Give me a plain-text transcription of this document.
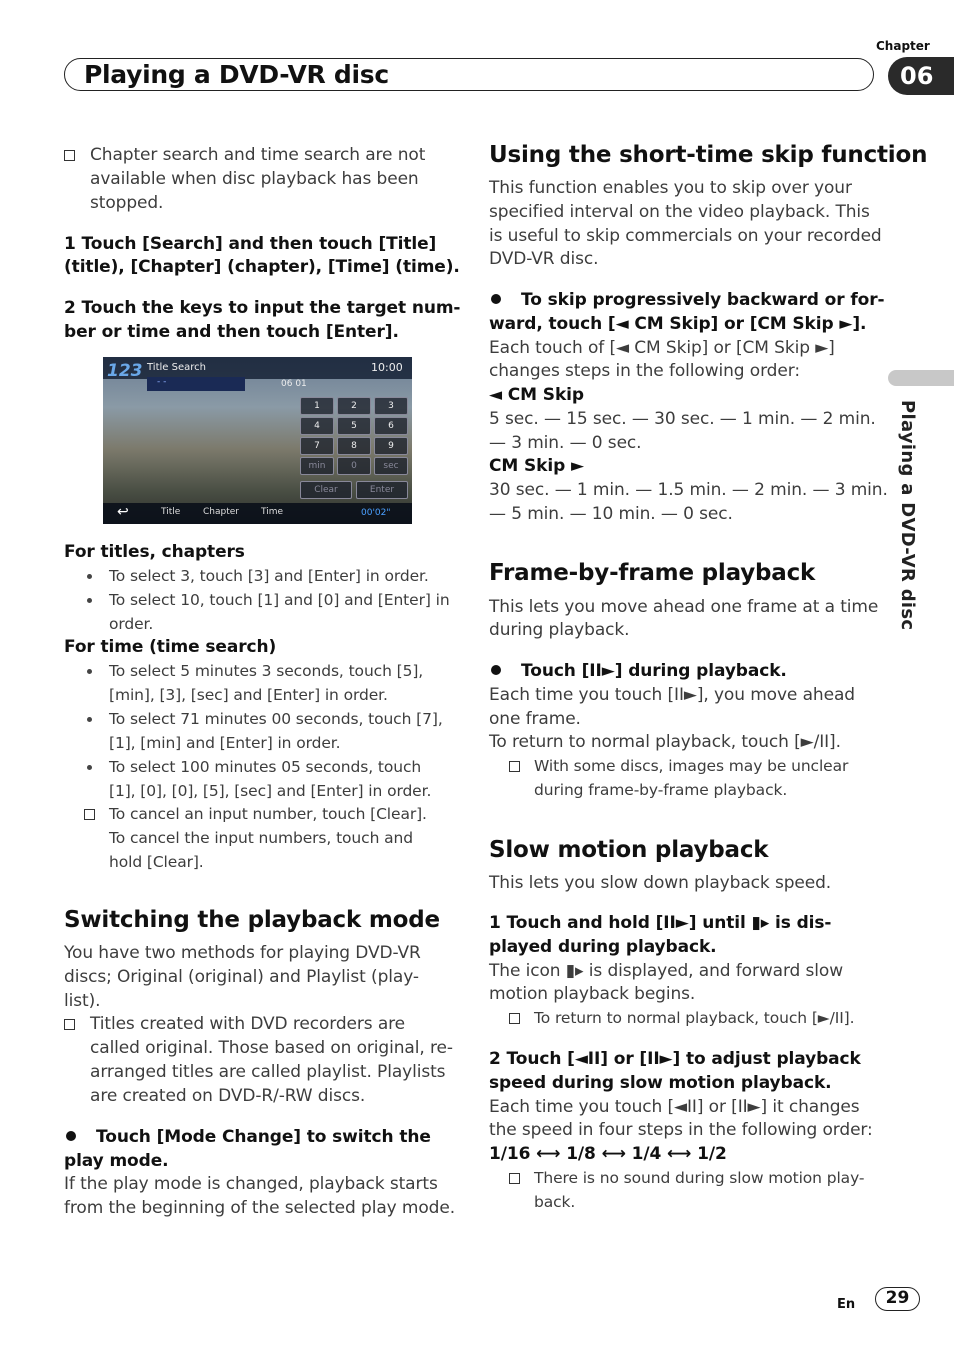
Chapter
Playing a DVD-VR disc	06
Playing a DVD-VR disc
Chapter search and time search are not
available when disc playback has been
stopped.
1 Touch [Search] and then touch [Title]
(title), [Chapter] (chapter), [Time] (time).
2 Touch the keys to input the target num-
ber or time and then touch [Enter].
123 Title Search	10:00
- -	06 01
1	2	3
4	5	6
7	8	9
min	0	sec
Clear	Enter
↩	Title	Chapter Time	00'02"
For titles, chapters
To select 3, touch [3] and [Enter] in order.
To select 10, touch [1] and [0] and [Enter] in
order.
For time (time search)
To select 5 minutes 3 seconds, touch [5],
[min], [3], [sec] and [Enter] in order.
To select 71 minutes 00 seconds, touch [7],
[1], [min] and [Enter] in order.
To select 100 minutes 05 seconds, touch
[1], [0], [0], [5], [sec] and [Enter] in order.
To cancel an input number, touch [Clear].
To cancel the input numbers, touch and
hold [Clear].
Switching the playback mode
You have two methods for playing DVD-VR
discs; Original (original) and Playlist (play-
list).
Titles created with DVD recorders are
called original. Those based on original, re-
arranged titles are called playlist. Playlists
are created on DVD-R/-RW discs.
Touch [Mode Change] to switch the
play mode.
If the play mode is changed, playback starts
from the beginning of the selected play mode.
Using the short-time skip function
This function enables you to skip over your
specified interval on the video playback. This
is useful to skip commercials on your recorded
DVD-VR disc.
To skip progressively backward or for-
ward, touch [◄ CM Skip] or [CM Skip ►].
Each touch of [◄ CM Skip] or [CM Skip ►]
changes steps in the following order:
◄ CM Skip
5 sec. — 15 sec. — 30 sec. — 1 min. — 2 min.
— 3 min. — 0 sec.
CM Skip ►
30 sec. — 1 min. — 1.5 min. — 2 min. — 3 min.
— 5 min. — 10 min. — 0 sec.
Frame-by-frame playback
This lets you move ahead one frame at a time
during playback.
Touch [II►] during playback.
Each time you touch [II►], you move ahead
one frame.
To return to normal playback, touch [►/II].
With some discs, images may be unclear
during frame-by-frame playback.
Slow motion playback
This lets you slow down playback speed.
1 Touch and hold [II►] until ▮▸ is dis-
played during playback.
The icon ▮▸ is displayed, and forward slow
motion playback begins.
To return to normal playback, touch [►/II].
2 Touch [◄II] or [II►] to adjust playback
speed during slow motion playback.
Each time you touch [◄II] or [II►] it changes
the speed in four steps in the following order:
1/16 ⟷ 1/8 ⟷ 1/4 ⟷ 1/2
There is no sound during slow motion play-
back.
En	29
